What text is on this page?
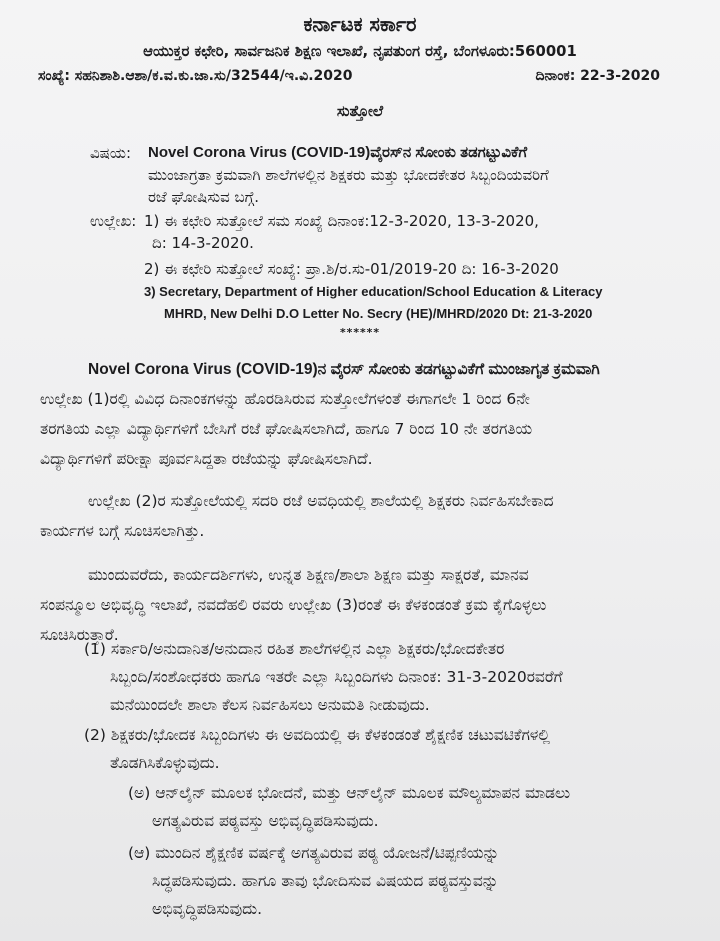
ಕರ್ನಾಟಕ ಸರ್ಕಾರ
ಆಯುಕ್ತರ ಕಛೇರಿ, ಸಾರ್ವಜನಿಕ ಶಿಕ್ಷಣ ಇಲಾಖೆ, ನೃಪತುಂಗ ರಸ್ತೆ, ಬೆಂಗಳೂರು:560001
ಸಂಖ್ಯೆ: ಸಹನಿಶಾಶಿ.ಆಶಾ/ಕ.ವ.ಕು.ಜಾ.ಸು/32544/ಇ.ವಿ.2020	ದಿನಾಂಕ: 22-3-2020
ಸುತ್ತೋಲೆ
ವಿಷಯ: Novel Corona Virus (COVID-19)ವೈರಸ್‌ನ ಸೋಂಕು ತಡಗಟ್ಟುವಿಕೆಗೆ
ಮುಂಜಾಗ್ರತಾ ಕ್ರಮವಾಗಿ ಶಾಲೆಗಳಲ್ಲಿನ ಶಿಕ್ಷಕರು ಮತ್ತು ಭೋದಕೇತರ ಸಿಬ್ಬಂದಿಯವರಿಗೆ
ರಜೆ ಘೋಷಿಸುವ ಬಗ್ಗೆ.
ಉಲ್ಲೇಖ: 1) ಈ ಕಛೇರಿ ಸುತ್ತೋಲೆ ಸಮ ಸಂಖ್ಯೆ ದಿನಾಂಕ:12-3-2020, 13-3-2020,
ದಿ: 14-3-2020.
2) ಈ ಕಛೇರಿ ಸುತ್ತೋಲೆ ಸಂಖ್ಯೆ: ಪ್ರಾ.ಶಿ/ರ.ಸು-01/2019-20 ದಿ: 16-3-2020
3) Secretary, Department of Higher education/School Education & Literacy
MHRD, New Delhi D.O Letter No. Secry (HE)/MHRD/2020 Dt: 21-3-2020
******
Novel Corona Virus (COVID-19)ನ ವೈರಸ್ ಸೋಂಕು ತಡಗಟ್ಟುವಿಕೆಗೆ ಮುಂಜಾಗೃತ ಕ್ರಮವಾಗಿ
ಉಲ್ಲೇಖ (1)ರಲ್ಲಿ ವಿವಿಧ ದಿನಾಂಕಗಳನ್ನು ಹೊರಡಿಸಿರುವ ಸುತ್ತೋಲೆಗಳಂತೆ ಈಗಾಗಲೇ 1 ರಿಂದ 6ನೇ
ತರಗತಿಯ ಎಲ್ಲಾ ವಿದ್ಯಾರ್ಥಿಗಳಿಗೆ ಬೇಸಿಗೆ ರಜೆ ಘೋಷಿಸಲಾಗಿದೆ, ಹಾಗೂ 7 ರಿಂದ 10 ನೇ ತರಗತಿಯ
ವಿದ್ಯಾರ್ಥಿಗಳಿಗೆ ಪರೀಕ್ಷಾ ಪೂರ್ವಸಿದ್ದತಾ ರಜೆಯನ್ನು ಘೋಷಿಸಲಾಗಿದೆ.
ಉಲ್ಲೇಖ (2)ರ ಸುತ್ತೋಲೆಯಲ್ಲಿ ಸದರಿ ರಜೆ ಅವಧಿಯಲ್ಲಿ ಶಾಲೆಯಲ್ಲಿ ಶಿಕ್ಷಕರು ನಿರ್ವಹಿಸಬೇಕಾದ
ಕಾರ್ಯಗಳ ಬಗ್ಗೆ ಸೂಚಿಸಲಾಗಿತ್ತು.
ಮುಂದುವರೆದು, ಕಾರ್ಯದರ್ಶಿಗಳು, ಉನ್ನತ ಶಿಕ್ಷಣ/ಶಾಲಾ ಶಿಕ್ಷಣ ಮತ್ತು ಸಾಕ್ಷರತೆ, ಮಾನವ
ಸಂಪನ್ಮೂಲ ಅಭಿವೃದ್ಧಿ ಇಲಾಖೆ, ನವದೆಹಲಿ ರವರು ಉಲ್ಲೇಖ (3)ರಂತೆ ಈ ಕೆಳಕಂಡಂತೆ ಕ್ರಮ ಕೈಗೊಳ್ಳಲು
ಸೂಚಿಸಿರುತ್ತಾರೆ.
(1) ಸರ್ಕಾರಿ/ಅನುದಾನಿತ/ಅನುದಾನ ರಹಿತ ಶಾಲೆಗಳಲ್ಲಿನ ಎಲ್ಲಾ ಶಿಕ್ಷಕರು/ಭೋದಕೇತರ
ಸಿಬ್ಬಂದಿ/ಸಂಶೋಧಕರು ಹಾಗೂ ಇತರೇ ಎಲ್ಲಾ ಸಿಬ್ಬಂದಿಗಳು ದಿನಾಂಕ: 31-3-2020ರವರೆಗೆ
ಮನೆಯಿಂದಲೇ ಶಾಲಾ ಕೆಲಸ ನಿರ್ವಹಿಸಲು ಅನುಮತಿ ನೀಡುವುದು.
(2) ಶಿಕ್ಷಕರು/ಭೋದಕ ಸಿಬ್ಬಂದಿಗಳು ಈ ಅವದಿಯಲ್ಲಿ ಈ ಕೆಳಕಂಡಂತೆ ಶೈಕ್ಷಣಿಕ ಚಟುವಟಿಕೆಗಳಲ್ಲಿ
ತೊಡಗಿಸಿಕೊಳ್ಳುವುದು.
(ಅ) ಆನ್‌ಲೈನ್ ಮೂಲಕ ಭೋದನೆ, ಮತ್ತು ಆನ್‌ಲೈನ್ ಮೂಲಕ ಮೌಲ್ಯಮಾಪನ ಮಾಡಲು
ಅಗತ್ಯವಿರುವ ಪಠ್ಯವಸ್ತು ಅಭಿವೃದ್ಧಿಪಡಿಸುವುದು.
(ಆ) ಮುಂದಿನ ಶೈಕ್ಷಣಿಕ ವರ್ಷಕ್ಕೆ ಅಗತ್ಯವಿರುವ ಪಠ್ಯ ಯೋಜನೆ/ಟಿಪ್ಪಣಿಯನ್ನು
ಸಿದ್ಧಪಡಿಸುವುದು. ಹಾಗೂ ತಾವು ಭೋದಿಸುವ ವಿಷಯದ ಪಠ್ಯವಸ್ತುವನ್ನು
ಅಭಿವೃದ್ಧಿಪಡಿಸುವುದು.
